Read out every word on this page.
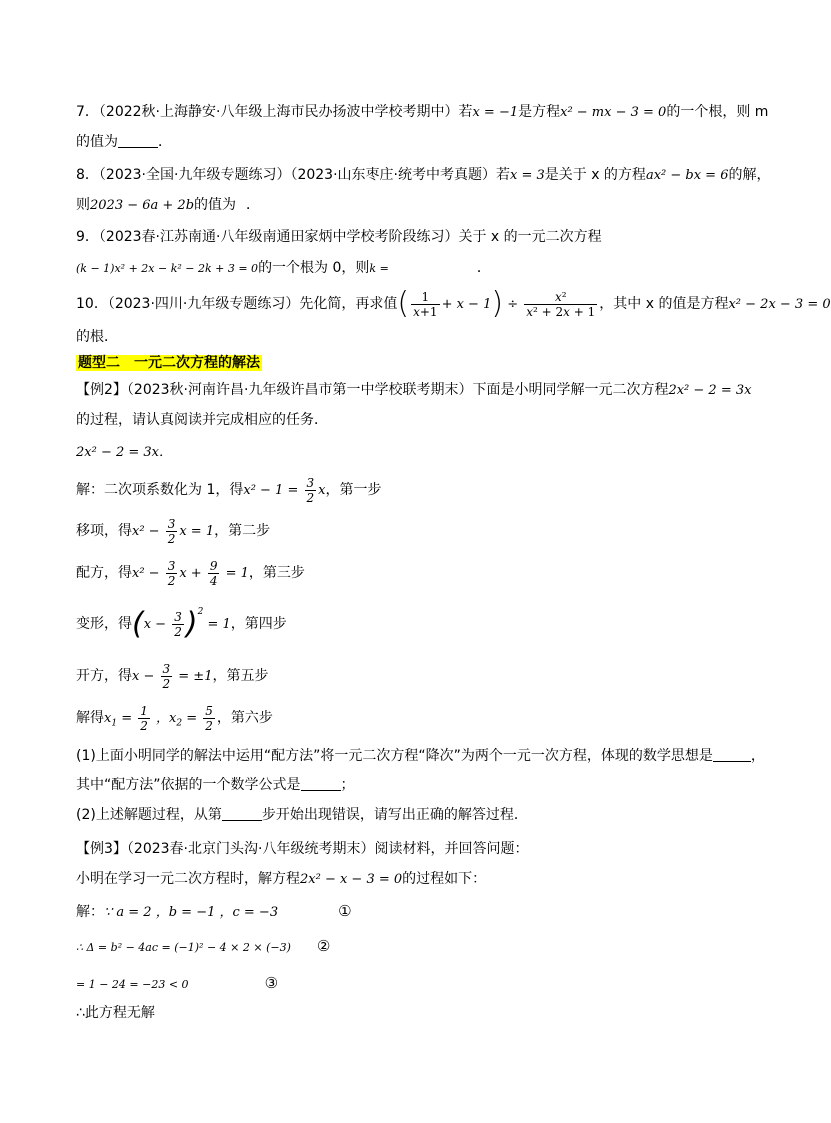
7．（2022秋·上海静安·八年级上海市民办扬波中学校考期中）若x = −1是方程x² − mx − 3 = 0的一个根，则 m
的值为	．
8．（2023·全国·九年级专题练习）（2023·山东枣庄·统考中考真题）若x = 3是关于 x 的方程ax² − bx = 6的解，
则2023 − 6a + 2b的值为 ．
9．（2023春·江苏南通·八年级南通田家炳中学校考阶段练习）关于 x 的一元二次方程
(k − 1)x² + 2x − k² − 2k + 3 = 0的一个根为 0，则k =	．
10．（2023·四川·九年级专题练习）先化简，再求值( $\frac{1}{x+1} + x - 1) \div \frac{\text{x²}}{\text{x² + 2x + 1}}$ ，其中 x 的值是方程x² − 2x − 3 = 0
的根．
题型二　一元二次方程的解法
【例2】（2023秋·河南许昌·九年级许昌市第一中学校联考期末）下面是小明同学解一元二次方程2x² − 2 = 3x
的过程，请认真阅读并完成相应的任务．
2x² − 2 = 3x．
解：二次项系数化为 1，得$x^2 - 1 = \frac{3}{2}$ x，第一步
移项，得$x^2 - \frac{3}{2}$ x = 1，第二步
配方，得$x^2 - \frac{3}{2}$ $x + \frac{9}{4} = 1$，第三步
变形，得$(x - \frac{3}{2} )^2 = 1$，第四步
开方，得$x - \frac{3}{2} = \pm 1$，第五步
解得$x_1 = \frac{1}{2}$ ，$x_2 = \frac{5}{2}$ ，第六步
(1)上面小明同学的解法中运用“配方法”将一元二次方程“降次”为两个一元一次方程，体现的数学思想是	，
其中“配方法”依据的一个数学公式是	；
(2)上述解题过程，从第	步开始出现错误，请写出正确的解答过程．
【例3】（2023春·北京门头沟·八年级统考期末）阅读材料，并回答问题：
小明在学习一元二次方程时，解方程2x² − x − 3 = 0的过程如下：
解：∵ a = 2 ，b = −1 ，c = −3	①
∴ Δ = b² − 4ac = (−1)² − 4 × 2 × (−3) ②
= 1 − 24 = −23 < 0	③
∴此方程无解
